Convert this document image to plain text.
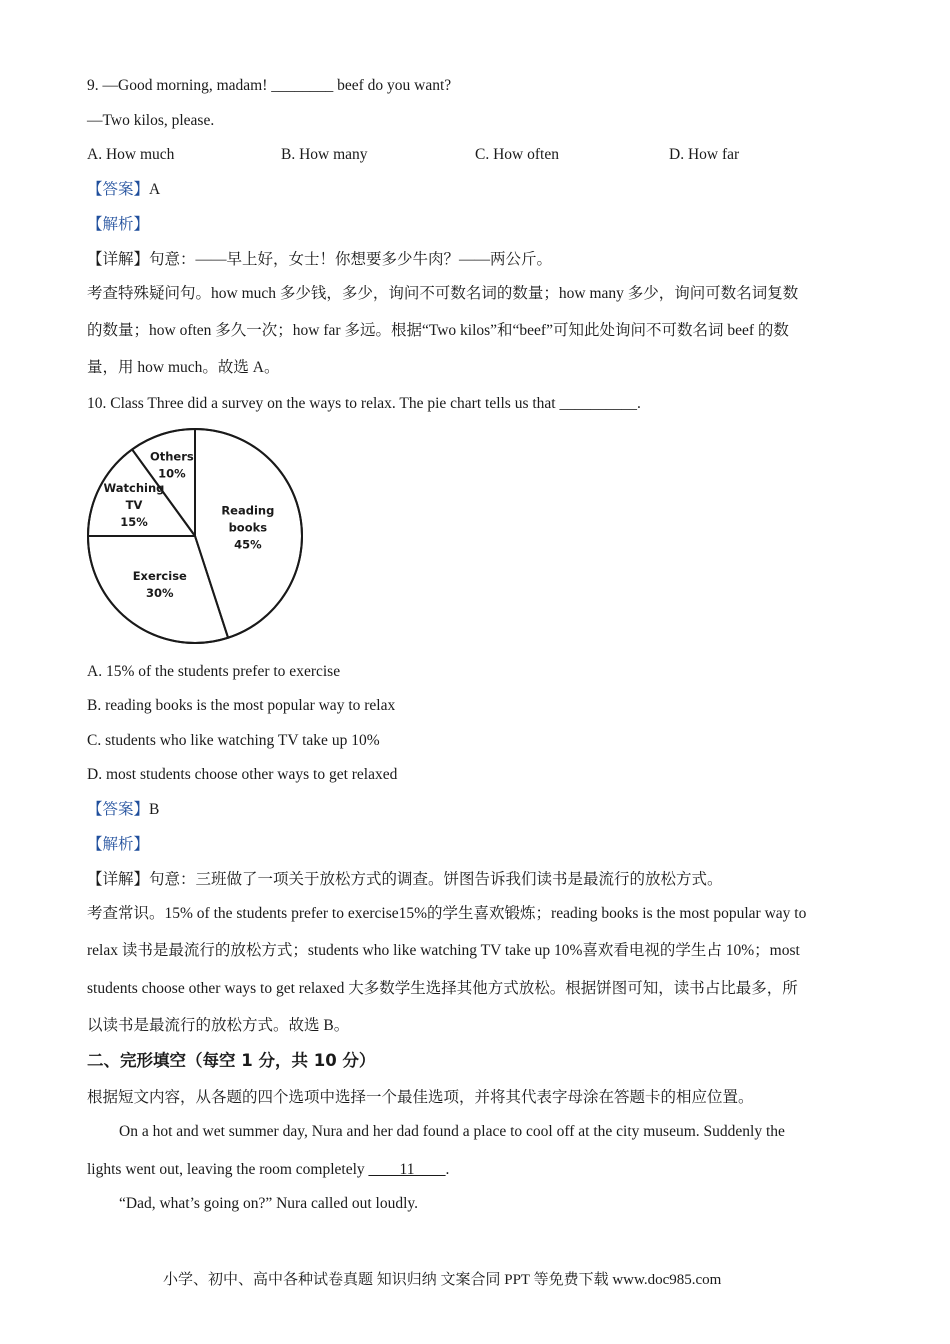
9. —Good morning, madam! ________ beef do you want?
—Two kilos, please.
A. How much	B. How many	C. How often	D. How far
【答案】A
【解析】
【详解】句意：——早上好，女士！你想要多少牛肉？——两公斤。
考查特殊疑问句。how much 多少钱，多少，询问不可数名词的数量；how many 多少，询问可数名词复数
的数量；how often 多久一次；how far 多远。根据“Two kilos”和“beef”可知此处询问不可数名词 beef 的数
量，用 how much。故选 A。
10. Class Three did a survey on the ways to relax. The pie chart tells us that __________.
Reading
books
45%
Exercise
30%
Watching
TV
15%
Others
10%
A. 15% of the students prefer to exercise
B. reading books is the most popular way to relax
C. students who like watching TV take up 10%
D. most students choose other ways to get relaxed
【答案】B
【解析】
【详解】句意：三班做了一项关于放松方式的调查。饼图告诉我们读书是最流行的放松方式。
考查常识。15% of the students prefer to exercise15%的学生喜欢锻炼；reading books is the most popular way to
relax 读书是最流行的放松方式；students who like watching TV take up 10%喜欢看电视的学生占 10%；most
students choose other ways to get relaxed 大多数学生选择其他方式放松。根据饼图可知，读书占比最多，所
以读书是最流行的放松方式。故选 B。
二、完形填空（每空 1 分，共 10 分）
根据短文内容，从各题的四个选项中选择一个最佳选项，并将其代表字母涂在答题卡的相应位置。
On a hot and wet summer day, Nura and her dad found a place to cool off at the city museum. Suddenly the
lights went out, leaving the room completely ____11____.
“Dad, what’s going on?” Nura called out loudly.
小学、初中、高中各种试卷真题 知识归纳 文案合同 PPT 等免费下载 www.doc985.com
